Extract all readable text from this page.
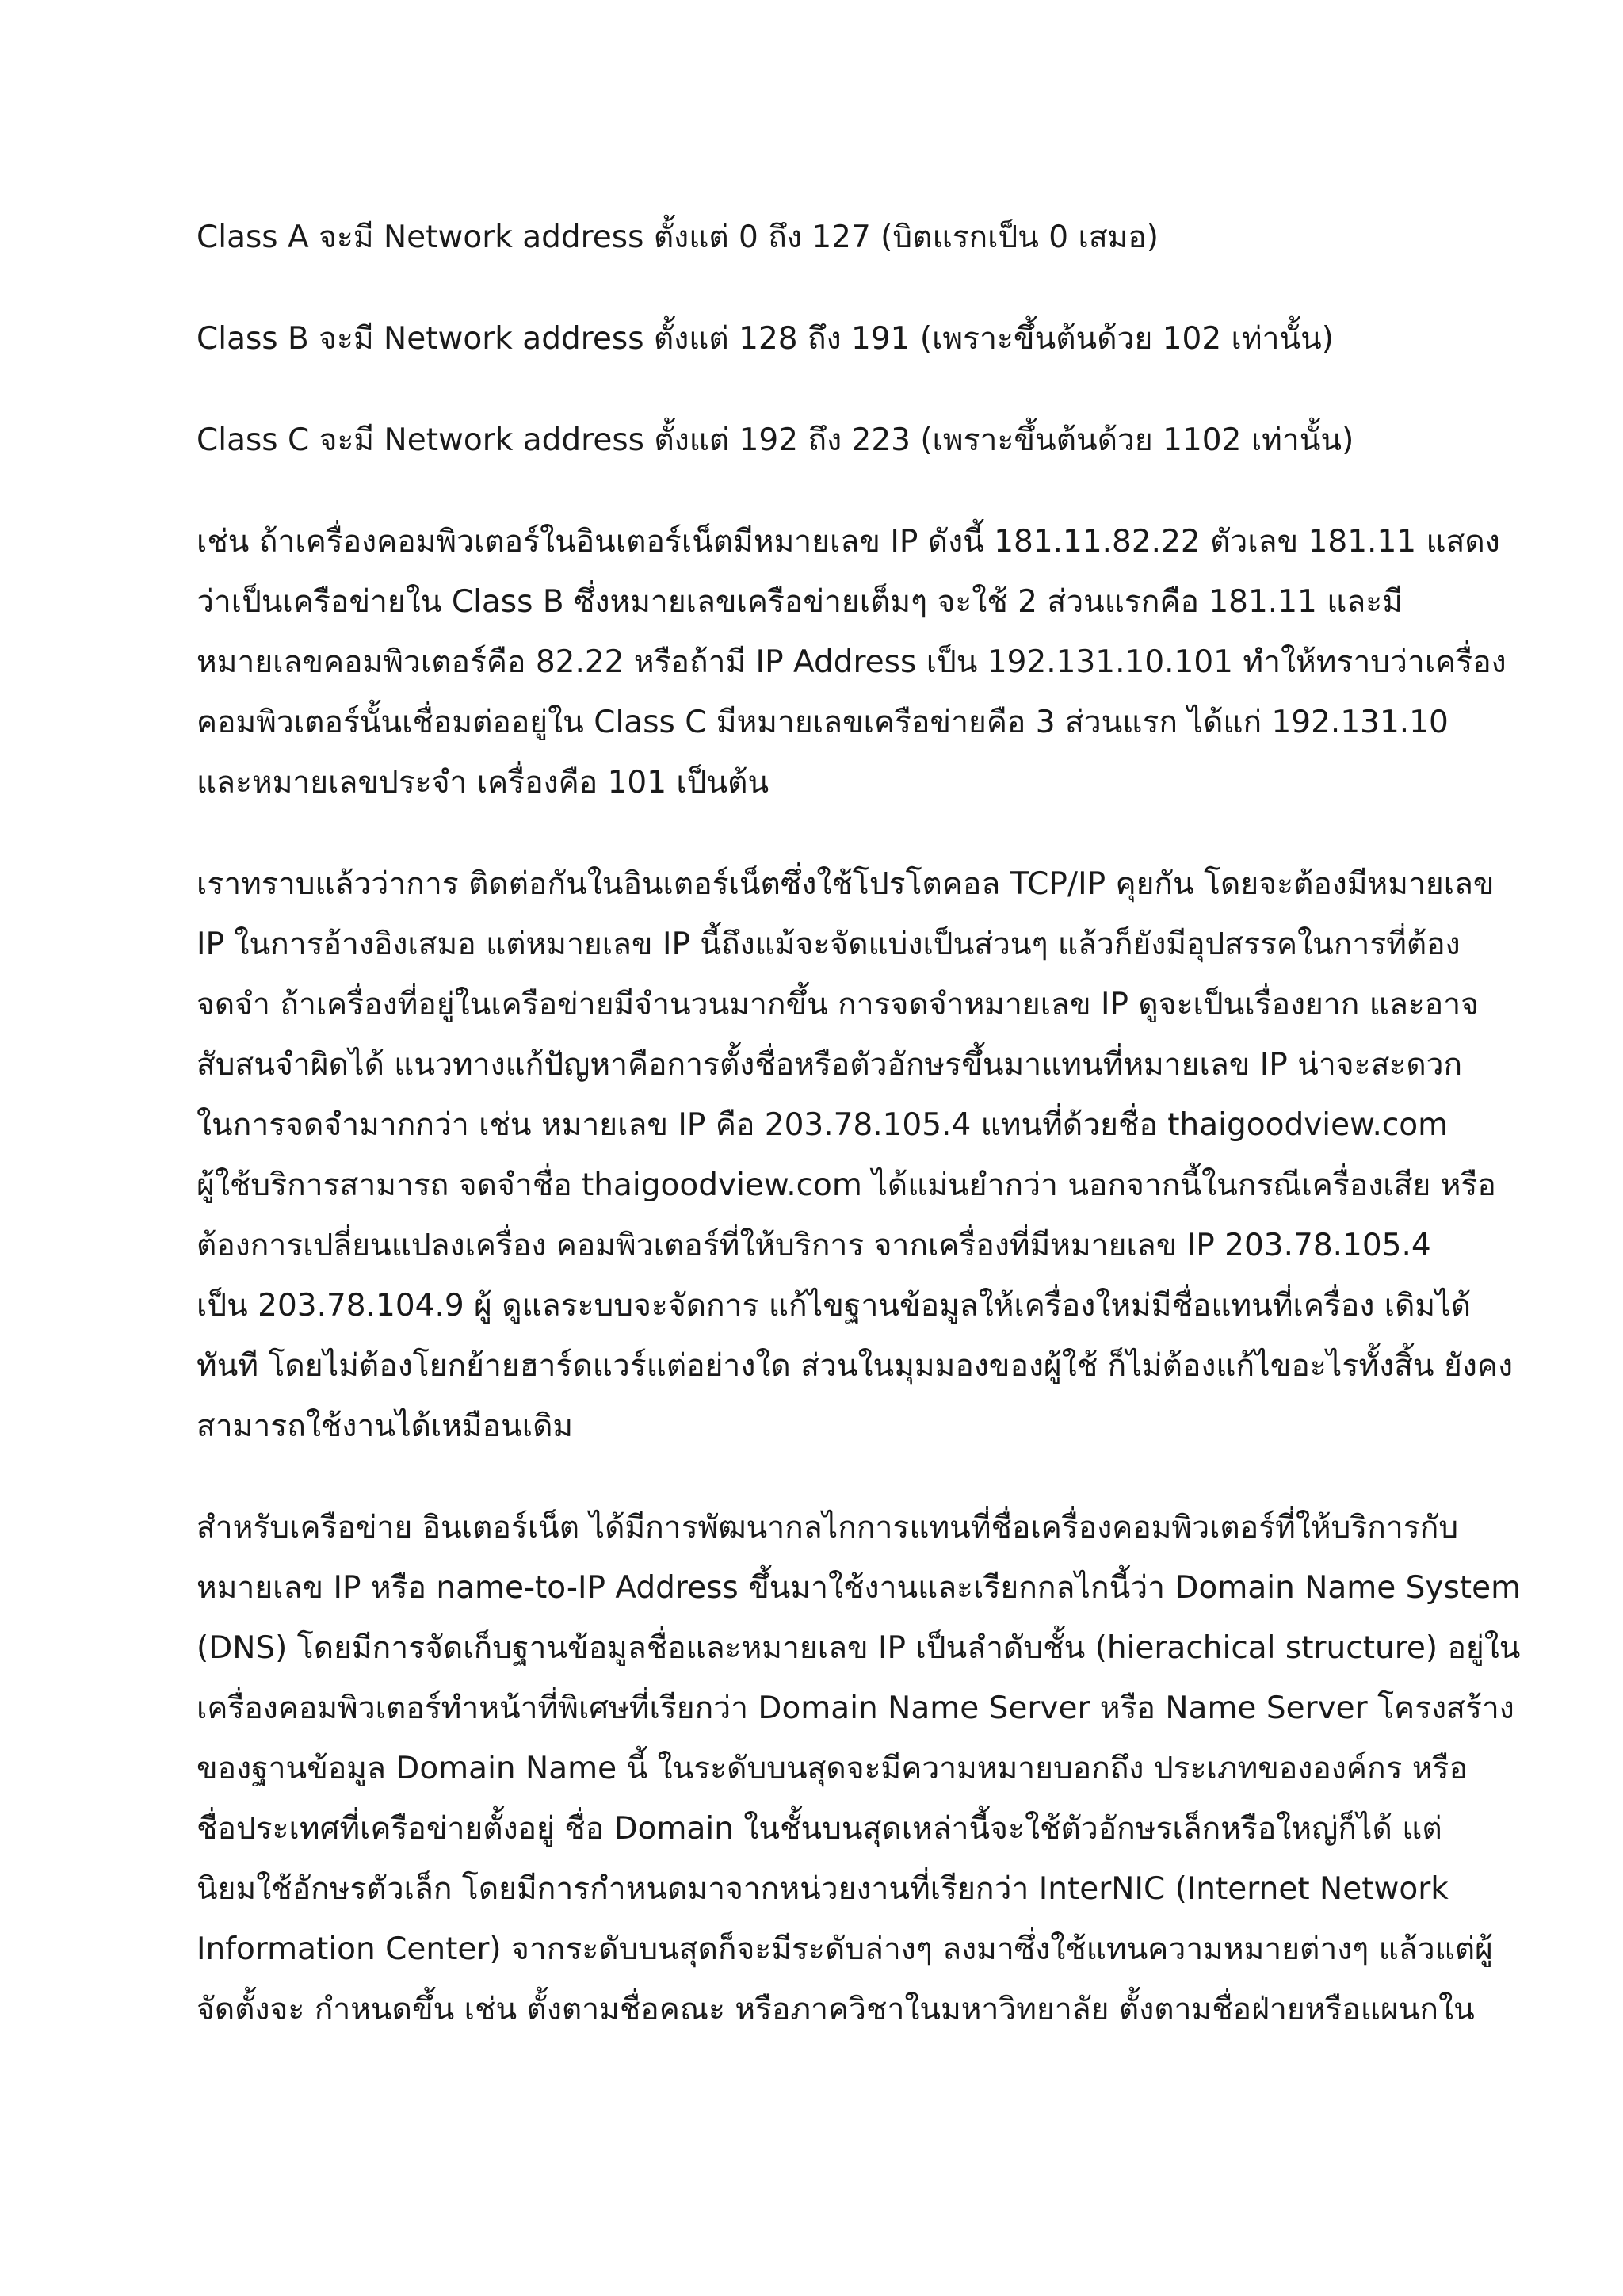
Class A จะมี Network address ตั้งแต่ 0 ถึง 127 (บิตแรกเป็น 0 เสมอ)

Class B จะมี Network address ตั้งแต่ 128 ถึง 191 (เพราะขึ้นต้นด้วย 102 เท่านั้น)

Class C จะมี Network address ตั้งแต่ 192 ถึง 223 (เพราะขึ้นต้นด้วย 1102 เท่านั้น)

เช่น ถ้าเครื่องคอมพิวเตอร์ในอินเตอร์เน็ตมีหมายเลข IP ดังนี้ 181.11.82.22 ตัวเลข 181.11 แสดง
ว่าเป็นเครือข่ายใน Class B ซึ่งหมายเลขเครือข่ายเต็มๆ จะใช้ 2 ส่วนแรกคือ 181.11 และมี
หมายเลขคอมพิวเตอร์คือ 82.22 หรือถ้ามี IP Address เป็น 192.131.10.101 ทำให้ทราบว่าเครื่อง
คอมพิวเตอร์นั้นเชื่อมต่ออยู่ใน Class C มีหมายเลขเครือข่ายคือ 3 ส่วนแรก ได้แก่ 192.131.10
และหมายเลขประจำ เครื่องคือ 101 เป็นต้น

เราทราบแล้วว่าการ ติดต่อกันในอินเตอร์เน็ตซึ่งใช้โปรโตคอล TCP/IP คุยกัน โดยจะต้องมีหมายเลข
IP ในการอ้างอิงเสมอ แต่หมายเลข IP นี้ถึงแม้จะจัดแบ่งเป็นส่วนๆ แล้วก็ยังมีอุปสรรคในการที่ต้อง
จดจำ ถ้าเครื่องที่อยู่ในเครือข่ายมีจำนวนมากขึ้น การจดจำหมายเลข IP ดูจะเป็นเรื่องยาก และอาจ
สับสนจำผิดได้ แนวทางแก้ปัญหาคือการตั้งชื่อหรือตัวอักษรขึ้นมาแทนที่หมายเลข IP น่าจะสะดวก
ในการจดจำมากกว่า เช่น หมายเลข IP คือ 203.78.105.4 แทนที่ด้วยชื่อ thaigoodview.com
ผู้ใช้บริการสามารถ จดจำชื่อ thaigoodview.com ได้แม่นยำกว่า นอกจากนี้ในกรณีเครื่องเสีย หรือ
ต้องการเปลี่ยนแปลงเครื่อง คอมพิวเตอร์ที่ให้บริการ จากเครื่องที่มีหมายเลข IP 203.78.105.4
เป็น 203.78.104.9 ผู้ ดูแลระบบจะจัดการ แก้ไขฐานข้อมูลให้เครื่องใหม่มีชื่อแทนที่เครื่อง เดิมได้
ทันที โดยไม่ต้องโยกย้ายฮาร์ดแวร์แต่อย่างใด ส่วนในมุมมองของผู้ใช้ ก็ไม่ต้องแก้ไขอะไรทั้งสิ้น ยังคง
สามารถใช้งานได้เหมือนเดิม

สำหรับเครือข่าย อินเตอร์เน็ต ได้มีการพัฒนากลไกการแทนที่ชื่อเครื่องคอมพิวเตอร์ที่ให้บริการกับ
หมายเลข IP หรือ name-to-IP Address ขึ้นมาใช้งานและเรียกกลไกนี้ว่า Domain Name System
(DNS) โดยมีการจัดเก็บฐานข้อมูลชื่อและหมายเลข IP เป็นลำดับชั้น (hierachical structure) อยู่ใน
เครื่องคอมพิวเตอร์ทำหน้าที่พิเศษที่เรียกว่า Domain Name Server หรือ Name Server โครงสร้าง
ของฐานข้อมูล Domain Name นี้ ในระดับบนสุดจะมีความหมายบอกถึง ประเภทขององค์กร หรือ
ชื่อประเทศที่เครือข่ายตั้งอยู่ ชื่อ Domain ในชั้นบนสุดเหล่านี้จะใช้ตัวอักษรเล็กหรือใหญ่ก็ได้ แต่
นิยมใช้อักษรตัวเล็ก โดยมีการกำหนดมาจากหน่วยงานที่เรียกว่า InterNIC (Internet Network
Information Center) จากระดับบนสุดก็จะมีระดับล่างๆ ลงมาซึ่งใช้แทนความหมายต่างๆ แล้วแต่ผู้
จัดตั้งจะ กำหนดขึ้น เช่น ตั้งตามชื่อคณะ หรือภาควิชาในมหาวิทยาลัย ตั้งตามชื่อฝ่ายหรือแผนกใน
